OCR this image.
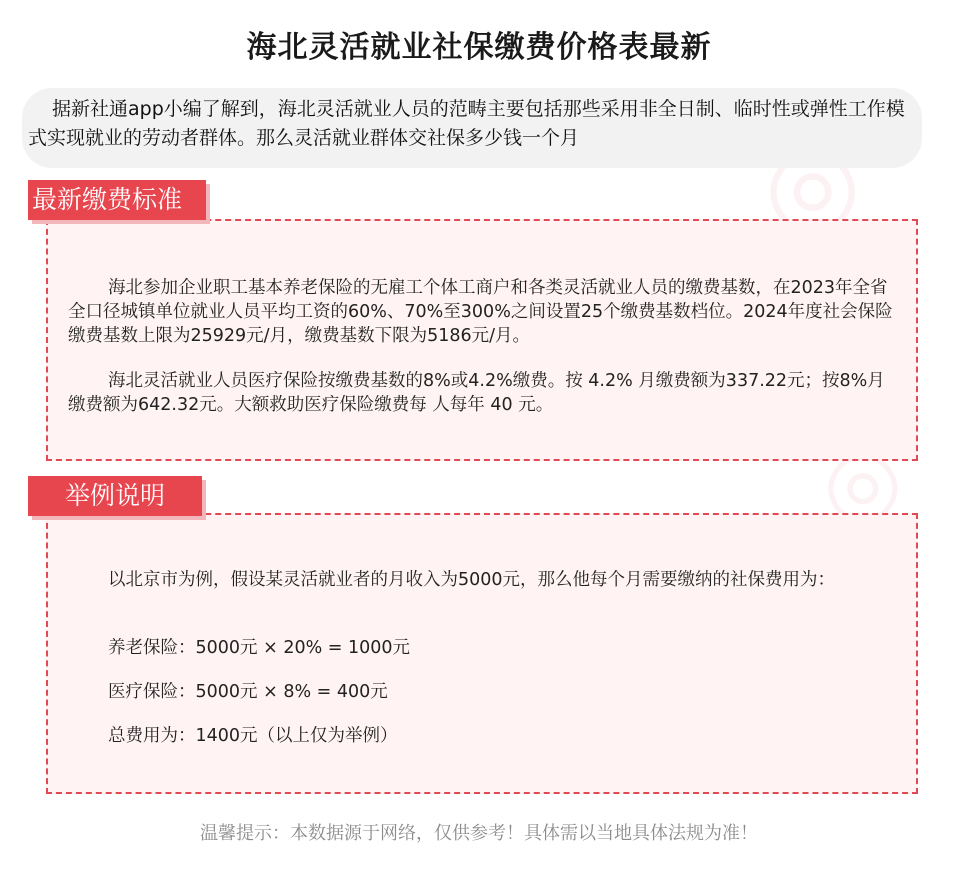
◎
◎
海北灵活就业社保缴费价格表最新
据新社通app小编了解到，海北灵活就业人员的范畴主要包括那些采用非全日制、临时性或弹性工作模式实现就业的劳动者群体。那么灵活就业群体交社保多少钱一个月
最新缴费标准
海北参加企业职工基本养老保险的无雇工个体工商户和各类灵活就业人员的缴费基数，在2023年全省全口径城镇单位就业人员平均工资的60%、70%至300%之间设置25个缴费基数档位。2024年度社会保险缴费基数上限为25929元/月，缴费基数下限为5186元/月。
海北灵活就业人员医疗保险按缴费基数的8%或4.2%缴费。按 4.2% 月缴费额为337.22元；按8%月缴费额为642.32元。大额救助医疗保险缴费每 人每年 40 元。
举例说明
以北京市为例，假设某灵活就业者的月收入为5000元，那么他每个月需要缴纳的社保费用为：
养老保险：5000元 × 20% = 1000元
医疗保险：5000元 × 8% = 400元
总费用为：1400元（以上仅为举例）
温馨提示：本数据源于网络，仅供参考！具体需以当地具体法规为准！
